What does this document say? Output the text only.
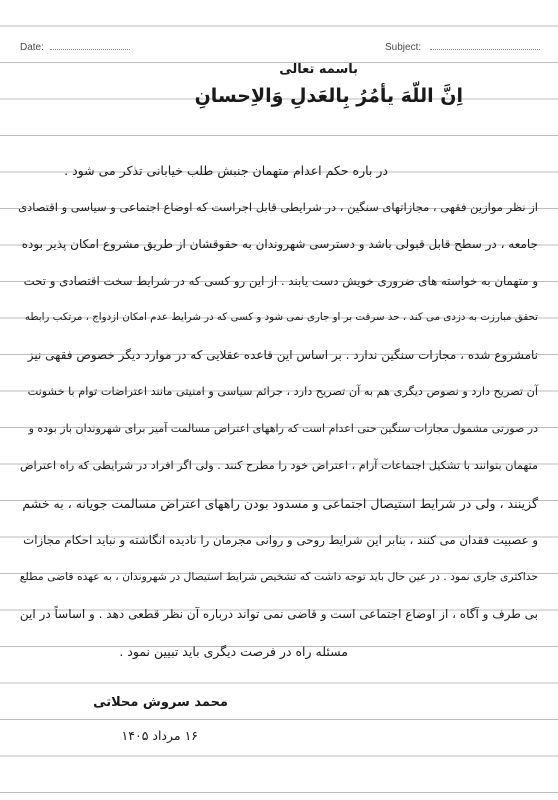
Date:	Subject:
باسمه تعالی
اِنَّ اللّهَ یأمُرُ بِالعَدلِ وَالاِحسانِ
در باره حکم اعدام متهمان جنبش طلب خیابانی تذکر می شود .
از نظر موازین فقهی ، مجازاتهای سنگین ، در شرایطی قابل اجراست که اوضاع اجتماعی و سیاسی و اقتصادی
جامعه ، در سطح قابل قبولی باشد و دسترسی شهروندان به حقوقشان از طریق مشروع امکان پذیر بوده
و متهمان به خواسته های ضروری خویش دست یابند . از این رو کسی که در شرایط سخت اقتصادی و تحت
تحقق مبارزت به دزدی می کند ، حد سرقت بر او جاری نمی شود و کسی که در شرایط عدم امکان ازدواج ، مرتکب رابطه
نامشروع شده ، مجازات سنگین ندارد . بر اساس این قاعده عقلایی که در موارد دیگر خصوص فقهی نیز
آن تصریح دارد و نصوص دیگری هم به آن تصریح دارد ، جرائم سیاسی و امنیتی مانند اعتراضات توام با خشونت
در صورتی مشمول مجازات سنگین حتی اعدام است که راههای اعتراض مسالمت آمیز برای شهروندان باز بوده و
متهمان بتوانند با تشکیل اجتماعات آرام ، اعتراض خود را مطرح کنند . ولی اگر افراد در شرایطی که راه اعتراض
گزینند ، ولی در شرایط استیصال اجتماعی و مسدود بودن راههای اعتراض مسالمت جویانه ، به خشم
و عصبیت فقدان می کنند ، بنابر این شرایط روحی و روانی مجرمان را نادیده انگاشته و نباید احکام مجازات
حداکثری جاری نمود . در عین حال باید توجه داشت که تشخیص شرایط استیصال در شهروندان ، به عهده قاضی مطلع
بی طرف و آگاه ، از اوضاع اجتماعی است و قاضی نمی تواند درباره آن نظر قطعی دهد . و اساساً در این
مسئله راه در فرصت دیگری باید تبیین نمود .
محمد سروش محلاتی
۱۶ مرداد ۱۴۰۵
